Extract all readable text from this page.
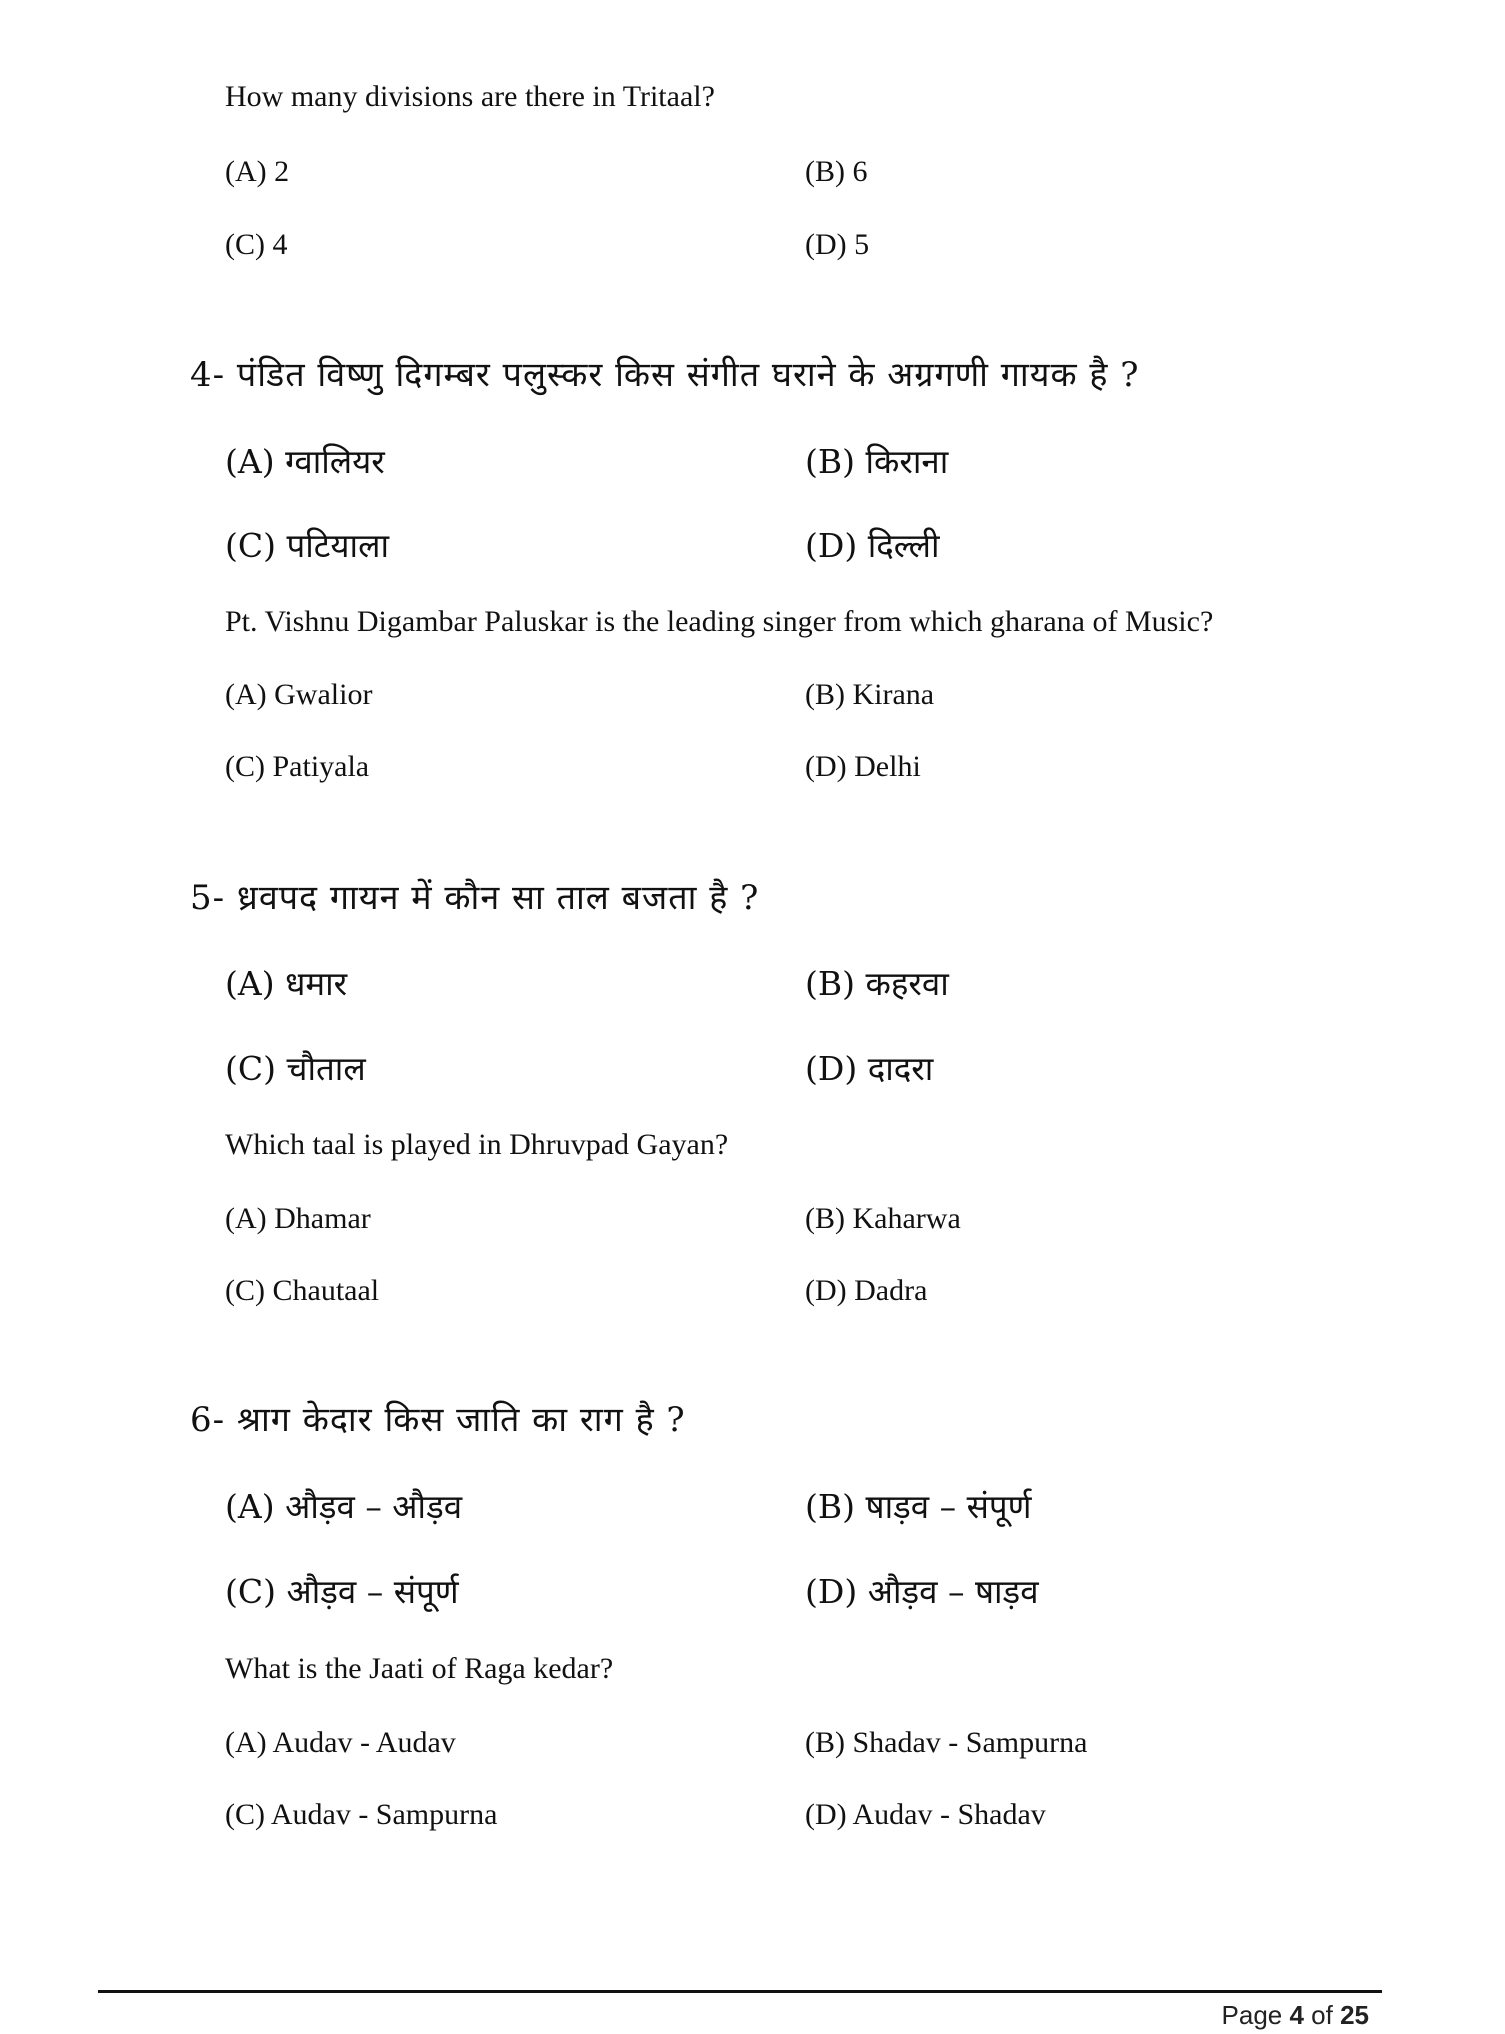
How many divisions are there in Tritaal?
(A) 2	(B) 6
(C) 4	(D) 5
4- पंडित विष्णु दिगम्बर पलुस्कर किस संगीत घराने के अग्रगणी गायक है ?
(A) ग्वालियर	(B) किराना
(C) पटियाला	(D) दिल्ली
Pt. Vishnu Digambar Paluskar is the leading singer from which gharana of Music?
(A) Gwalior	(B) Kirana
(C) Patiyala	(D) Delhi
5- ध्रवपद गायन में कौन सा ताल बजता है ?
(A) धमार	(B) कहरवा
(C) चौताल	(D) दादरा
Which taal is played in Dhruvpad Gayan?
(A) Dhamar	(B) Kaharwa
(C) Chautaal	(D) Dadra
6- श्राग केदार किस जाति का राग है ?
(A) औड़व – औड़व	(B) षाड़व – संपूर्ण
(C) औड़व – संपूर्ण	(D) औड़व – षाड़व
What is the Jaati of Raga kedar?
(A) Audav - Audav	(B) Shadav - Sampurna
(C) Audav - Sampurna	(D) Audav - Shadav
Page 4 of 25
